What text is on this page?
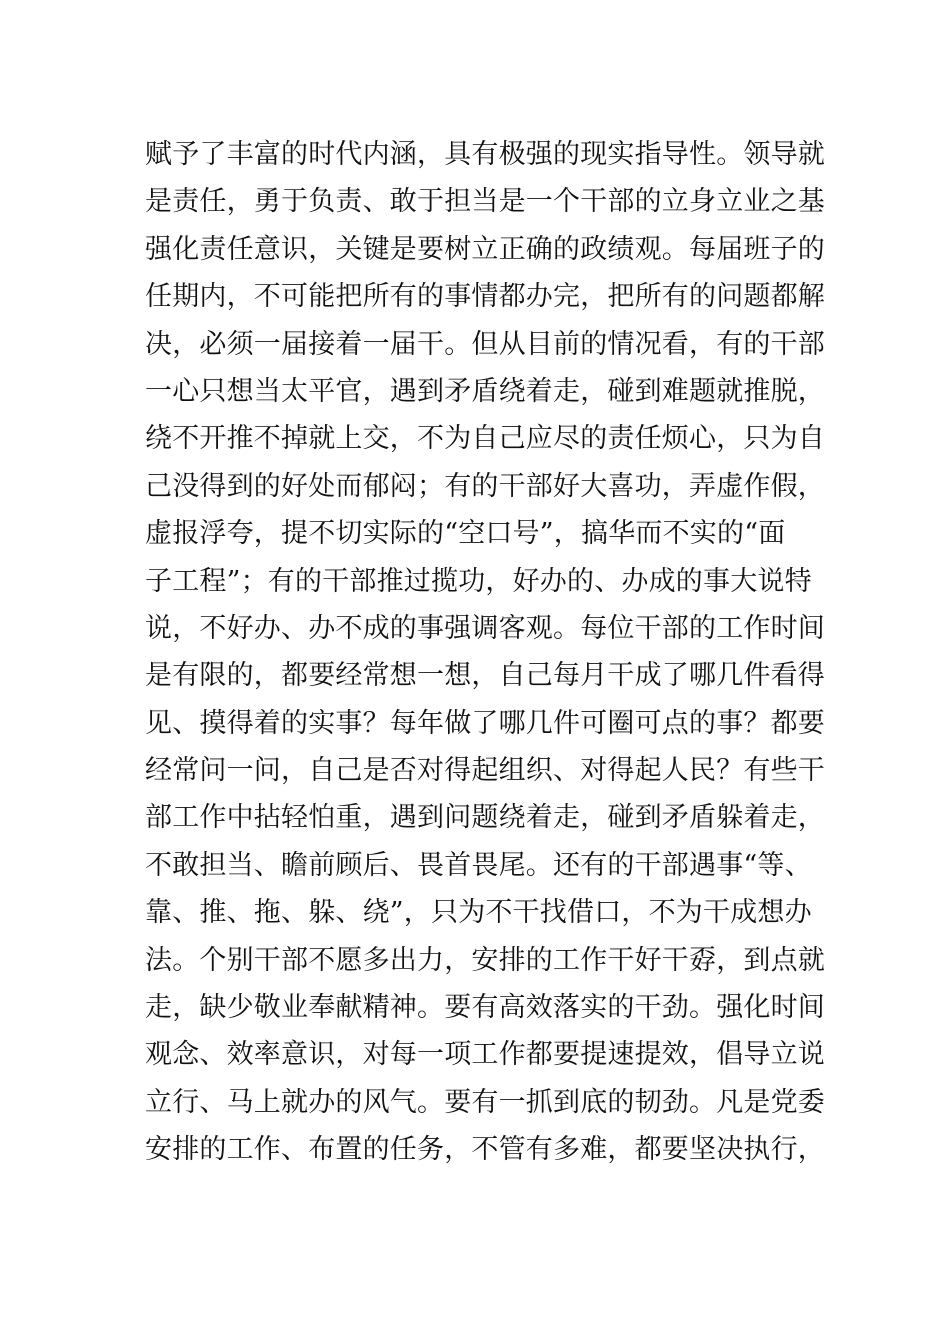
赋予了丰富的时代内涵，具有极强的现实指导性。领导就
是责任，勇于负责、敢于担当是一个干部的立身立业之基
强化责任意识，关键是要树立正确的政绩观。每届班子的
任期内，不可能把所有的事情都办完，把所有的问题都解
决，必须一届接着一届干。但从目前的情况看，有的干部
一心只想当太平官，遇到矛盾绕着走，碰到难题就推脱，
绕不开推不掉就上交，不为自己应尽的责任烦心，只为自
己没得到的好处而郁闷；有的干部好大喜功，弄虚作假，
虚报浮夸，提不切实际的“空口号”，搞华而不实的“面
子工程”；有的干部推过揽功，好办的、办成的事大说特
说，不好办、办不成的事强调客观。每位干部的工作时间
是有限的，都要经常想一想，自己每月干成了哪几件看得
见、摸得着的实事？每年做了哪几件可圈可点的事？都要
经常问一问，自己是否对得起组织、对得起人民？有些干
部工作中拈轻怕重，遇到问题绕着走，碰到矛盾躲着走，
不敢担当、瞻前顾后、畏首畏尾。还有的干部遇事“等、
靠、推、拖、躲、绕”，只为不干找借口，不为干成想办
法。个别干部不愿多出力，安排的工作干好干孬，到点就
走，缺少敬业奉献精神。要有高效落实的干劲。强化时间
观念、效率意识，对每一项工作都要提速提效，倡导立说
立行、马上就办的风气。要有一抓到底的韧劲。凡是党委
安排的工作、布置的任务，不管有多难，都要坚决执行，
